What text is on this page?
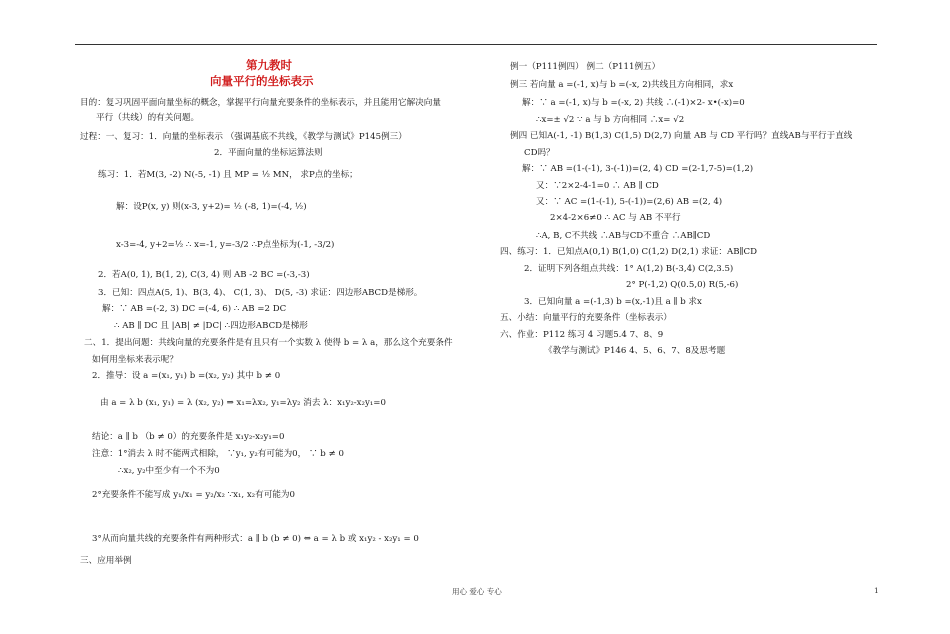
第九教时
向量平行的坐标表示
目的：复习巩固平面向量坐标的概念，掌握平行向量充要条件的坐标表示，并且能用它解决向量
平行（共线）的有关问题。
过程：一、复习：1．向量的坐标表示 （强调基底不共线，《教学与测试》P145例三）
2．平面向量的坐标运算法则
练习：1．若M(3, -2) N(-5, -1) 且 MP = ½ MN， 求P点的坐标；
解：设P(x, y) 则(x-3, y+2)= ½ (-8, 1)=(-4, ½)
x-3=-4, y+2=½ ∴ x=-1, y=-3/2 ∴P点坐标为(-1, -3/2)
2．若A(0, 1), B(1, 2), C(3, 4) 则 AB -2 BC =(-3,-3)
3．已知：四点A(5, 1)、B(3, 4)、 C(1, 3)、 D(5, -3) 求证：四边形ABCD是梯形。
解：∵ AB =(-2, 3) DC =(-4, 6) ∴ AB =2 DC
∴ AB ∥ DC 且 |AB| ≠ |DC| ∴四边形ABCD是梯形
二、1．提出问题：共线向量的充要条件是有且只有一个实数 λ 使得 b = λ a，那么这个充要条件
如何用坐标来表示呢？
2．推导：设 a =(x₁, y₁) b =(x₂, y₂) 其中 b ≠ 0
由 a = λ b (x₁, y₁) = λ (x₂, y₂) ⇒ x₁=λx₂, y₁=λy₂ 消去 λ：x₁y₂-x₂y₁=0
结论：a ∥ b （b ≠ 0）的充要条件是 x₁y₂-x₂y₁=0
注意：1°消去 λ 时不能两式相除， ∵y₁, y₂有可能为0， ∵ b ≠ 0
∴x₂, y₂中至少有一个不为0
2°充要条件不能写成 y₁/x₁ = y₂/x₂ ∵x₁, x₂有可能为0
3°从而向量共线的充要条件有两种形式：a ∥ b (b ≠ 0) ⇔ a = λ b 或 x₁y₂ - x₂y₁ = 0
三、应用举例
例一（P111例四） 例二（P111例五）
例三 若向量 a =(-1, x)与 b =(-x, 2)共线且方向相同，求x
解：∵ a =(-1, x)与 b =(-x, 2) 共线 ∴(-1)×2- x•(-x)=0
∴x=± √2 ∵ a 与 b 方向相同 ∴x= √2
例四 已知A(-1, -1) B(1,3) C(1,5) D(2,7) 向量 AB 与 CD 平行吗？直线AB与平行于直线
CD吗？
解：∵ AB =(1-(-1), 3-(-1))=(2, 4) CD =(2-1,7-5)=(1,2)
又：∵2×2-4-1=0 ∴ AB ∥ CD
又：∵ AC =(1-(-1), 5-(-1))=(2,6) AB =(2, 4)
2×4-2×6≠0 ∴ AC 与 AB 不平行
∴A, B, C不共线 ∴AB与CD不重合 ∴AB∥CD
四、练习：1．已知点A(0,1) B(1,0) C(1,2) D(2,1) 求证：AB∥CD
2．证明下列各组点共线：1° A(1,2) B(-3,4) C(2,3.5)
2° P(-1,2) Q(0.5,0) R(5,-6)
3．已知向量 a =(-1,3) b =(x,-1)且 a ∥ b 求x
五、小结：向量平行的充要条件（坐标表示）
六、作业：P112 练习 4 习题5.4 7、8、9
《教学与测试》P146 4、5、6、7、8及思考题
用心 爱心 专心	1
